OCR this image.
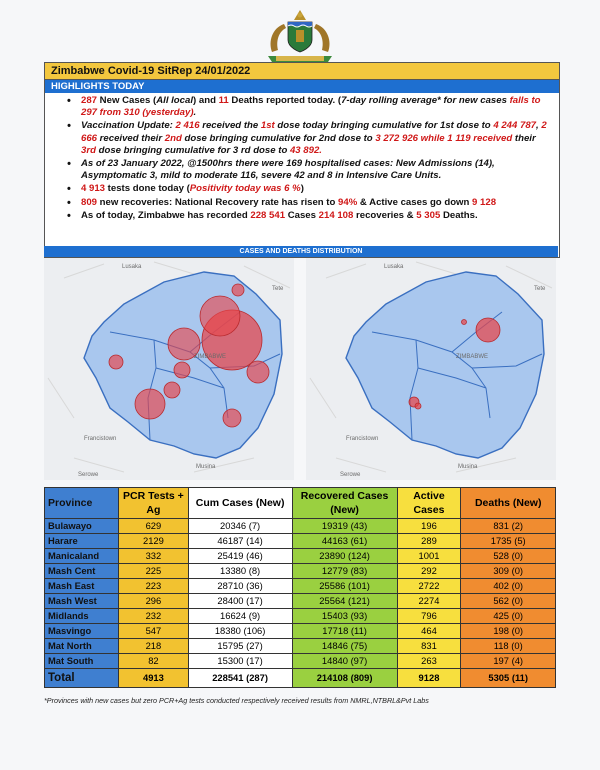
Zimbabwe Covid-19 SitRep 24/01/2022
HIGHLIGHTS TODAY
• 287 New Cases (All local) and 11 Deaths reported today. (7-day rolling average* for new cases falls to 297 from 310 (yesterday).
• Vaccination Update: 2 416 received the 1st dose today bringing cumulative for 1st dose to 4 244 787, 2 666 received their 2nd dose bringing cumulative for 2nd dose to 3 272 926 while 1 119 received their 3rd dose bringing cumulative for 3 rd dose to 43 892.
• As of 23 January 2022, @1500hrs there were 169 hospitalised cases: New Admissions (14), Asymptomatic 3, mild to moderate 116, severe 42 and 8 in Intensive Care Units.
• 4 913 tests done today (Positivity today was 6 %)
• 809 new recoveries: National Recovery rate has risen to 94% & Active cases go down 9 128
• As of today, Zimbabwe has recorded 228 541 Cases 214 108 recoveries & 5 305 Deaths.
CASES AND DEATHS DISTRIBUTION
Lusaka
Tete
ZIMBABWE
Francistown
Serowe
Musina
Lusaka
Tete
ZIMBABWE
Francistown
Serowe
Musina
Province	PCR Tests + Ag	Cum Cases (New)	Recovered Cases (New)	Active Cases	Deaths (New)
Bulawayo	629	20346 (7)	19319 (43)	196	831 (2)
Harare	2129	46187 (14)	44163 (61)	289	1735 (5)
Manicaland	332	25419 (46)	23890 (124)	1001	528 (0)
Mash Cent	225	13380 (8)	12779 (83)	292	309 (0)
Mash East	223	28710 (36)	25586 (101)	2722	402 (0)
Mash West	296	28400 (17)	25564 (121)	2274	562 (0)
Midlands	232	16624 (9)	15403 (93)	796	425 (0)
Masvingo	547	18380 (106)	17718 (11)	464	198 (0)
Mat North	218	15795 (27)	14846 (75)	831	118 (0)
Mat South	82	15300 (17)	14840 (97)	263	197 (4)
Total	4913	228541 (287)	214108 (809)	9128	5305 (11)
*Provinces with new cases but zero PCR+Ag tests conducted respectively received results from NMRL,NTBRL&Pvt Labs
